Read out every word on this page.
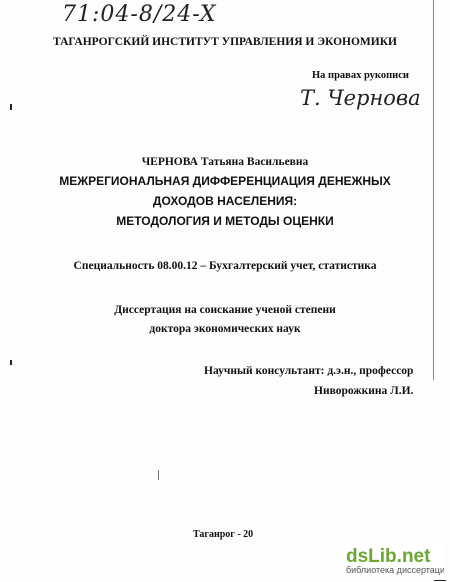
71:04-8/24-X
ТАГАНРОГСКИЙ ИНСТИТУТ УПРАВЛЕНИЯ И ЭКОНОМИКИ
На правах рукописи
Т. Чернова
ЧЕРНОВА Татьяна Васильевна
МЕЖРЕГИОНАЛЬНАЯ ДИФФЕРЕНЦИАЦИЯ ДЕНЕЖНЫХ
ДОХОДОВ НАСЕЛЕНИЯ:
МЕТОДОЛОГИЯ И МЕТОДЫ ОЦЕНКИ
Специальность 08.00.12 – Бухгалтерский учет, статистика
Диссертация на соискание ученой степени
доктора экономических наук
Научный консультант: д.э.н., профессор
Ниворожкина Л.И.
Таганрог - 20
dsLib.net
библиотека диссертаций
